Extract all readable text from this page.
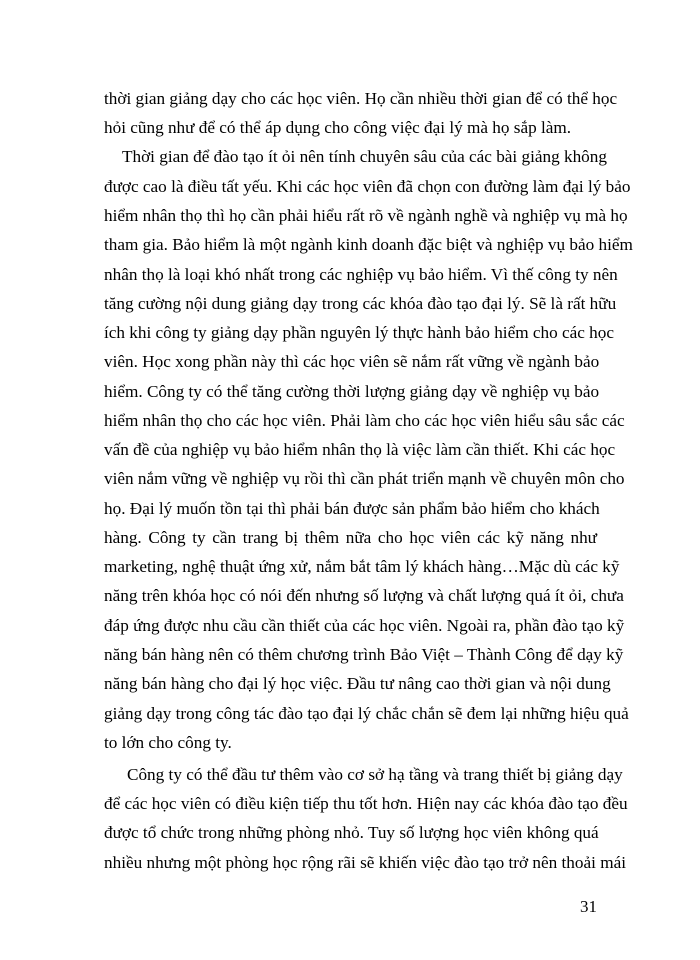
thời gian giảng dạy cho các học viên. Họ cần nhiều thời gian để có thể học
hỏi cũng như để có thể áp dụng cho công việc đại lý mà họ sắp làm.
Thời gian để đào tạo ít ỏi nên tính chuyên sâu của các bài giảng không
được cao là điều tất yếu. Khi các học viên đã chọn con đường làm đại lý bảo
hiểm nhân thọ thì họ cần phải hiểu rất rõ về ngành nghề và nghiệp vụ mà họ
tham gia. Bảo hiểm là một ngành kinh doanh đặc biệt và nghiệp vụ bảo hiểm
nhân thọ là loại khó nhất trong các nghiệp vụ bảo hiểm. Vì thế công ty nên
tăng cường nội dung giảng dạy trong các khóa đào tạo đại lý. Sẽ là rất hữu
ích khi công ty giảng dạy phần nguyên lý thực hành bảo hiểm cho các học
viên. Học xong phần này thì các học viên sẽ nắm rất vững về ngành bảo
hiểm. Công ty có thể tăng cường thời lượng giảng dạy về nghiệp vụ bảo
hiểm nhân thọ cho các học viên. Phải làm cho các học viên hiểu sâu sắc các
vấn đề của nghiệp vụ bảo hiểm nhân thọ là việc làm cần thiết. Khi các học
viên nắm vững về nghiệp vụ rồi thì cần phát triển mạnh về chuyên môn cho
họ. Đại lý muốn tồn tại thì phải bán được sản phẩm bảo hiểm cho khách
hàng. Công ty cần trang bị thêm nữa cho học viên các kỹ năng như
marketing, nghệ thuật ứng xử, nắm bắt tâm lý khách hàng…Mặc dù các kỹ
năng trên khóa học có nói đến nhưng số lượng và chất lượng quá ít ỏi, chưa
đáp ứng được nhu cầu cần thiết của các học viên. Ngoài ra, phần đào tạo kỹ
năng bán hàng nên có thêm chương trình Bảo Việt – Thành Công để dạy kỹ
năng bán hàng cho đại lý học việc. Đầu tư nâng cao thời gian và nội dung
giảng dạy trong công tác đào tạo đại lý chắc chắn sẽ đem lại những hiệu quả
to lớn cho công ty.
Công ty có thể đầu tư thêm vào cơ sở hạ tầng và trang thiết bị giảng dạy
để các học viên có điều kiện tiếp thu tốt hơn. Hiện nay các khóa đào tạo đều
được tổ chức trong những phòng nhỏ. Tuy số lượng học viên không quá
nhiều nhưng một phòng học rộng rãi sẽ khiến việc đào tạo trở nên thoải mái
31
